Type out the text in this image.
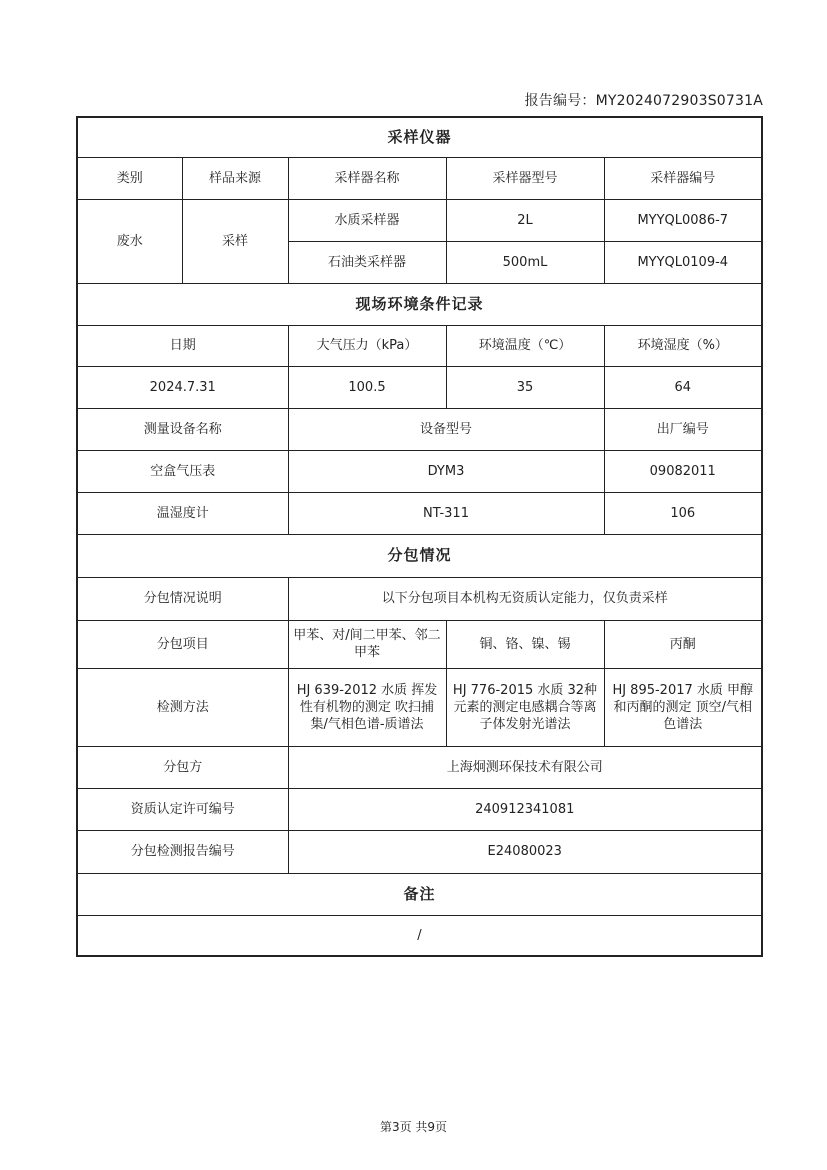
报告编号：MY2024072903S0731A
采样仪器				
类别	样品来源	采样器名称	采样器型号	采样器编号
废水	采样	水质采样器	2L	MYYQL0086-7
		石油类采样器	500mL	MYYQL0109-4
现场环境条件记录				
日期		大气压力（kPa）	环境温度（℃）	环境湿度（%）
2024.7.31		100.5	35	64
测量设备名称		设备型号		出厂编号
空盒气压表		DYM3		09082011
温湿度计		NT-311		106
分包情况				
分包情况说明		以下分包项目本机构无资质认定能力，仅负责采样		
分包项目		甲苯、对/间二甲苯、邻二甲苯	铜、铬、镍、锡	丙酮
检测方法		HJ 639-2012 水质 挥发性有机物的测定 吹扫捕集/气相色谱-质谱法	HJ 776-2015 水质 32种元素的测定电感耦合等离子体发射光谱法	HJ 895-2017 水质 甲醇和丙酮的测定 顶空/气相色谱法
分包方		上海炯测环保技术有限公司		
资质认定许可编号		240912341081		
分包检测报告编号		E24080023		
备注				
/				
第3页 共9页
